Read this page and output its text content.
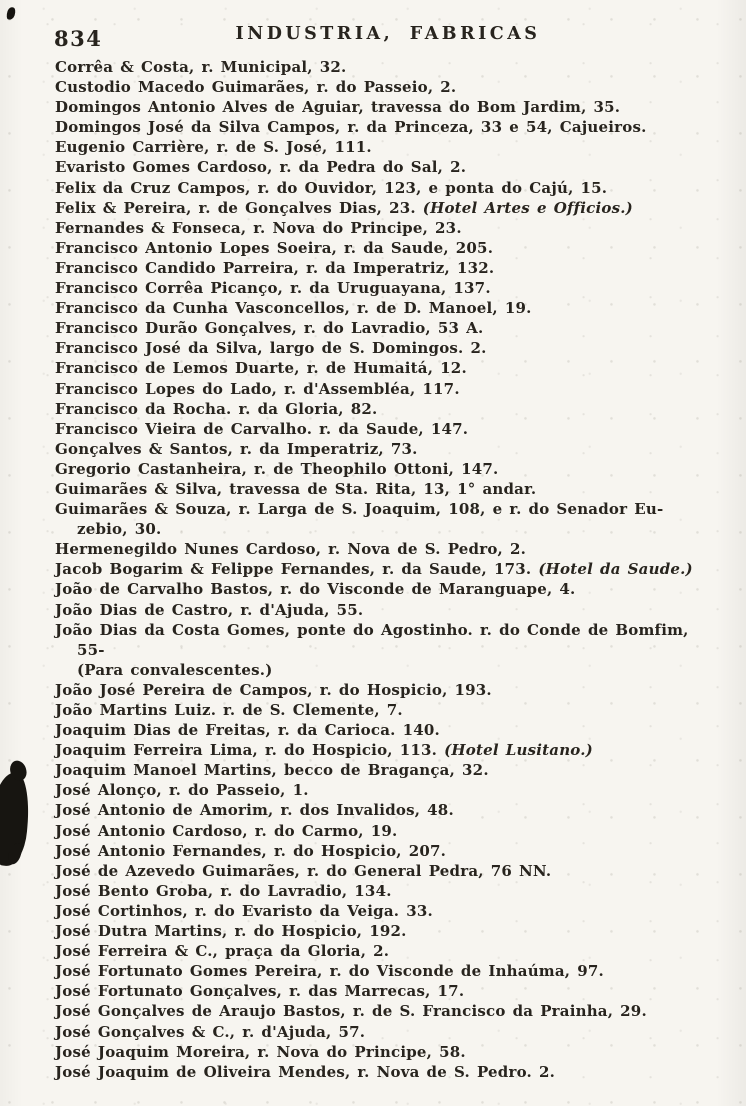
834	INDUSTRIA, FABRICAS
Corrêa & Costa, r. Municipal, 32.
Custodio Macedo Guimarães, r. do Passeio, 2.
Domingos Antonio Alves de Aguiar, travessa do Bom Jardim, 35.
Domingos José da Silva Campos, r. da Princeza, 33 e 54, Cajueiros.
Eugenio Carrière, r. de S. José, 111.
Evaristo Gomes Cardoso, r. da Pedra do Sal, 2.
Felix da Cruz Campos, r. do Ouvidor, 123, e ponta do Cajú, 15.
Felix & Pereira, r. de Gonçalves Dias, 23. (Hotel Artes e Officios.)
Fernandes & Fonseca, r. Nova do Principe, 23.
Francisco Antonio Lopes Soeira, r. da Saude, 205.
Francisco Candido Parreira, r. da Imperatriz, 132.
Francisco Corrêa Picanço, r. da Uruguayana, 137.
Francisco da Cunha Vasconcellos, r. de D. Manoel, 19.
Francisco Durão Gonçalves, r. do Lavradio, 53 A.
Francisco José da Silva, largo de S. Domingos. 2.
Francisco de Lemos Duarte, r. de Humaitá, 12.
Francisco Lopes do Lado, r. d'Assembléa, 117.
Francisco da Rocha. r. da Gloria, 82.
Francisco Vieira de Carvalho. r. da Saude, 147.
Gonçalves & Santos, r. da Imperatriz, 73.
Gregorio Castanheira, r. de Theophilo Ottoni, 147.
Guimarães & Silva, travessa de Sta. Rita, 13, 1° andar.
Guimarães & Souza, r. Larga de S. Joaquim, 108, e r. do Senador Eu-
zebio, 30.
Hermenegildo Nunes Cardoso, r. Nova de S. Pedro, 2.
Jacob Bogarim & Felippe Fernandes, r. da Saude, 173. (Hotel da Saude.)
João de Carvalho Bastos, r. do Visconde de Maranguape, 4.
João Dias de Castro, r. d'Ajuda, 55.
João Dias da Costa Gomes, ponte do Agostinho. r. do Conde de Bomfim, 55-
(Para convalescentes.)
João José Pereira de Campos, r. do Hospicio, 193.
João Martins Luiz. r. de S. Clemente, 7.
Joaquim Dias de Freitas, r. da Carioca. 140.
Joaquim Ferreira Lima, r. do Hospicio, 113. (Hotel Lusitano.)
Joaquim Manoel Martins, becco de Bragança, 32.
José Alonço, r. do Passeio, 1.
José Antonio de Amorim, r. dos Invalidos, 48.
José Antonio Cardoso, r. do Carmo, 19.
José Antonio Fernandes, r. do Hospicio, 207.
José de Azevedo Guimarães, r. do General Pedra, 76 NN.
José Bento Groba, r. do Lavradio, 134.
José Cortinhos, r. do Evaristo da Veiga. 33.
José Dutra Martins, r. do Hospicio, 192.
José Ferreira & C., praça da Gloria, 2.
José Fortunato Gomes Pereira, r. do Visconde de Inhaúma, 97.
José Fortunato Gonçalves, r. das Marrecas, 17.
José Gonçalves de Araujo Bastos, r. de S. Francisco da Prainha, 29.
José Gonçalves & C., r. d'Ajuda, 57.
José Joaquim Moreira, r. Nova do Principe, 58.
José Joaquim de Oliveira Mendes, r. Nova de S. Pedro. 2.
